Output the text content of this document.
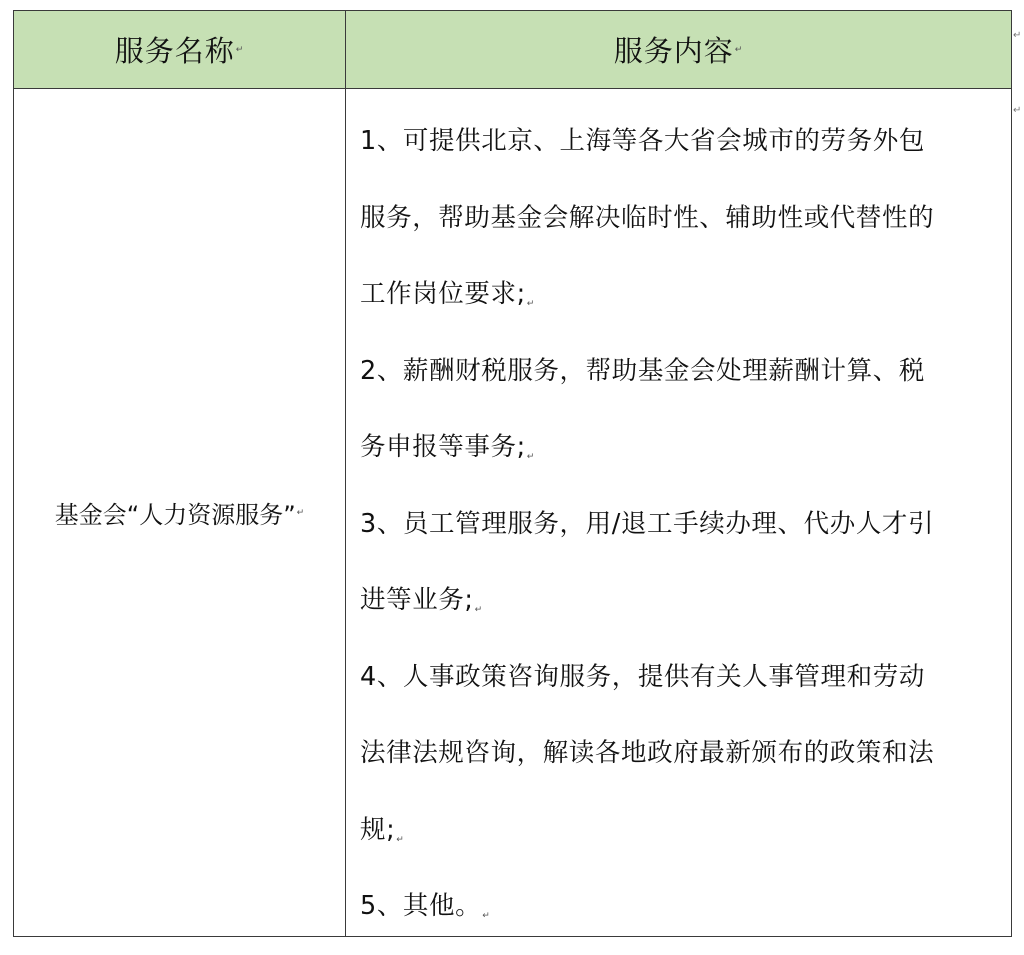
服务名称 ↵	服务内容 ↵
基金会“人力资源服务” ↵
1、可提供北京、上海等各大省会城市的劳务外包
服务，帮助基金会解决临时性、辅助性或代替性的
工作岗位要求;↵
2、薪酬财税服务，帮助基金会处理薪酬计算、税
务申报等事务;↵
3、员工管理服务，用/退工手续办理、代办人才引
进等业务;↵
4、人事政策咨询服务，提供有关人事管理和劳动
法律法规咨询，解读各地政府最新颁布的政策和法
规;↵
5、其他。↵
↵
↵
